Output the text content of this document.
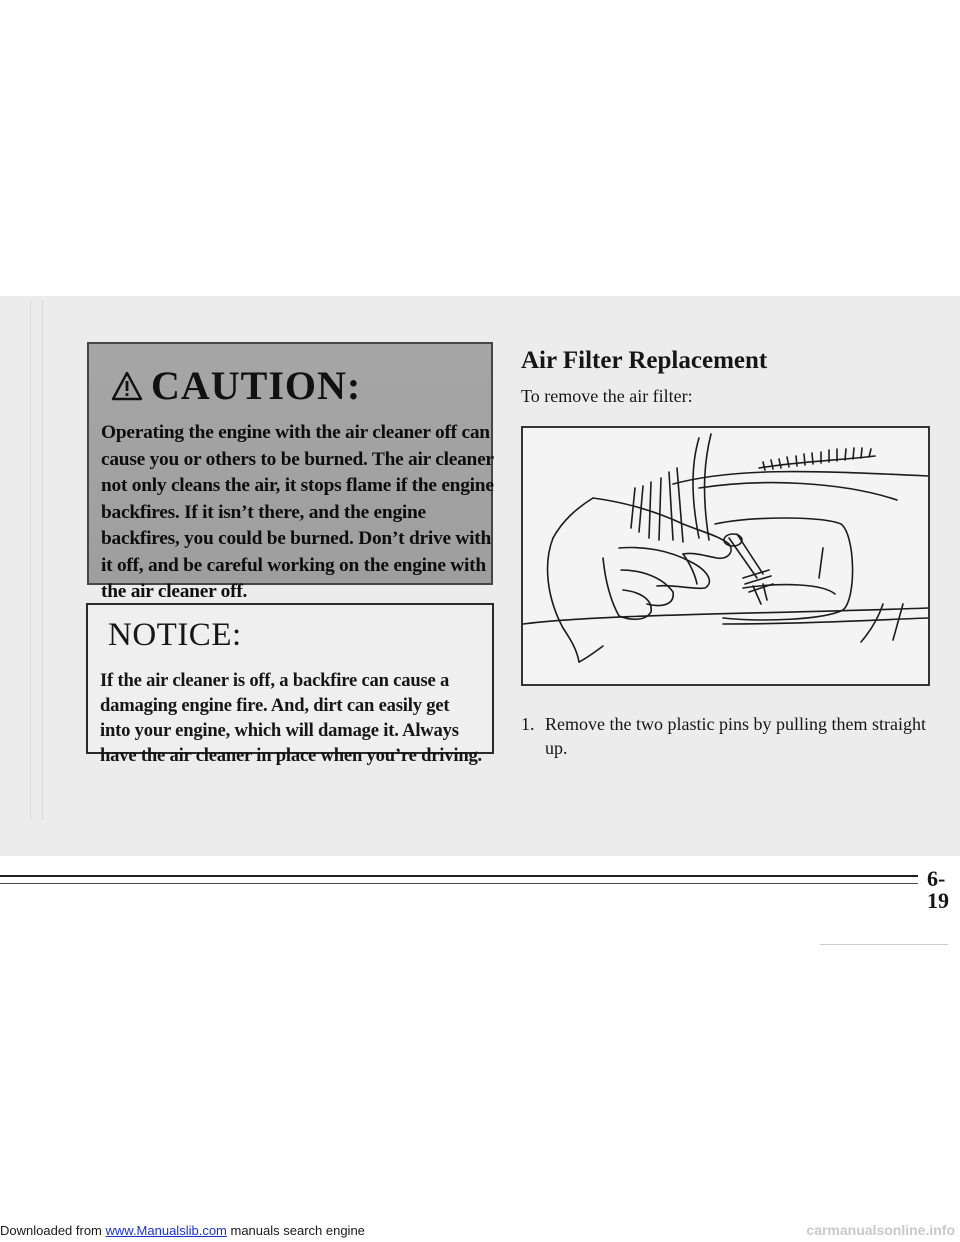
CAUTION:
Operating the engine with the air cleaner off can
cause you or others to be burned. The air cleaner
not only cleans the air, it stops flame if the engine
backfires. If it isn’t there, and the engine
backfires, you could be burned. Don’t drive with
it off, and be careful working on the engine with
the air cleaner off.
NOTICE:
If the air cleaner is off, a backfire can cause a
damaging engine fire. And, dirt can easily get
into your engine, which will damage it. Always
have the air cleaner in place when you’re driving.
Air Filter Replacement

To remove the air filter:

1. Remove the two plastic pins by pulling them straight up.
6-19
Downloaded from www.Manualslib.com manuals search engine	carmanualsonline.info
